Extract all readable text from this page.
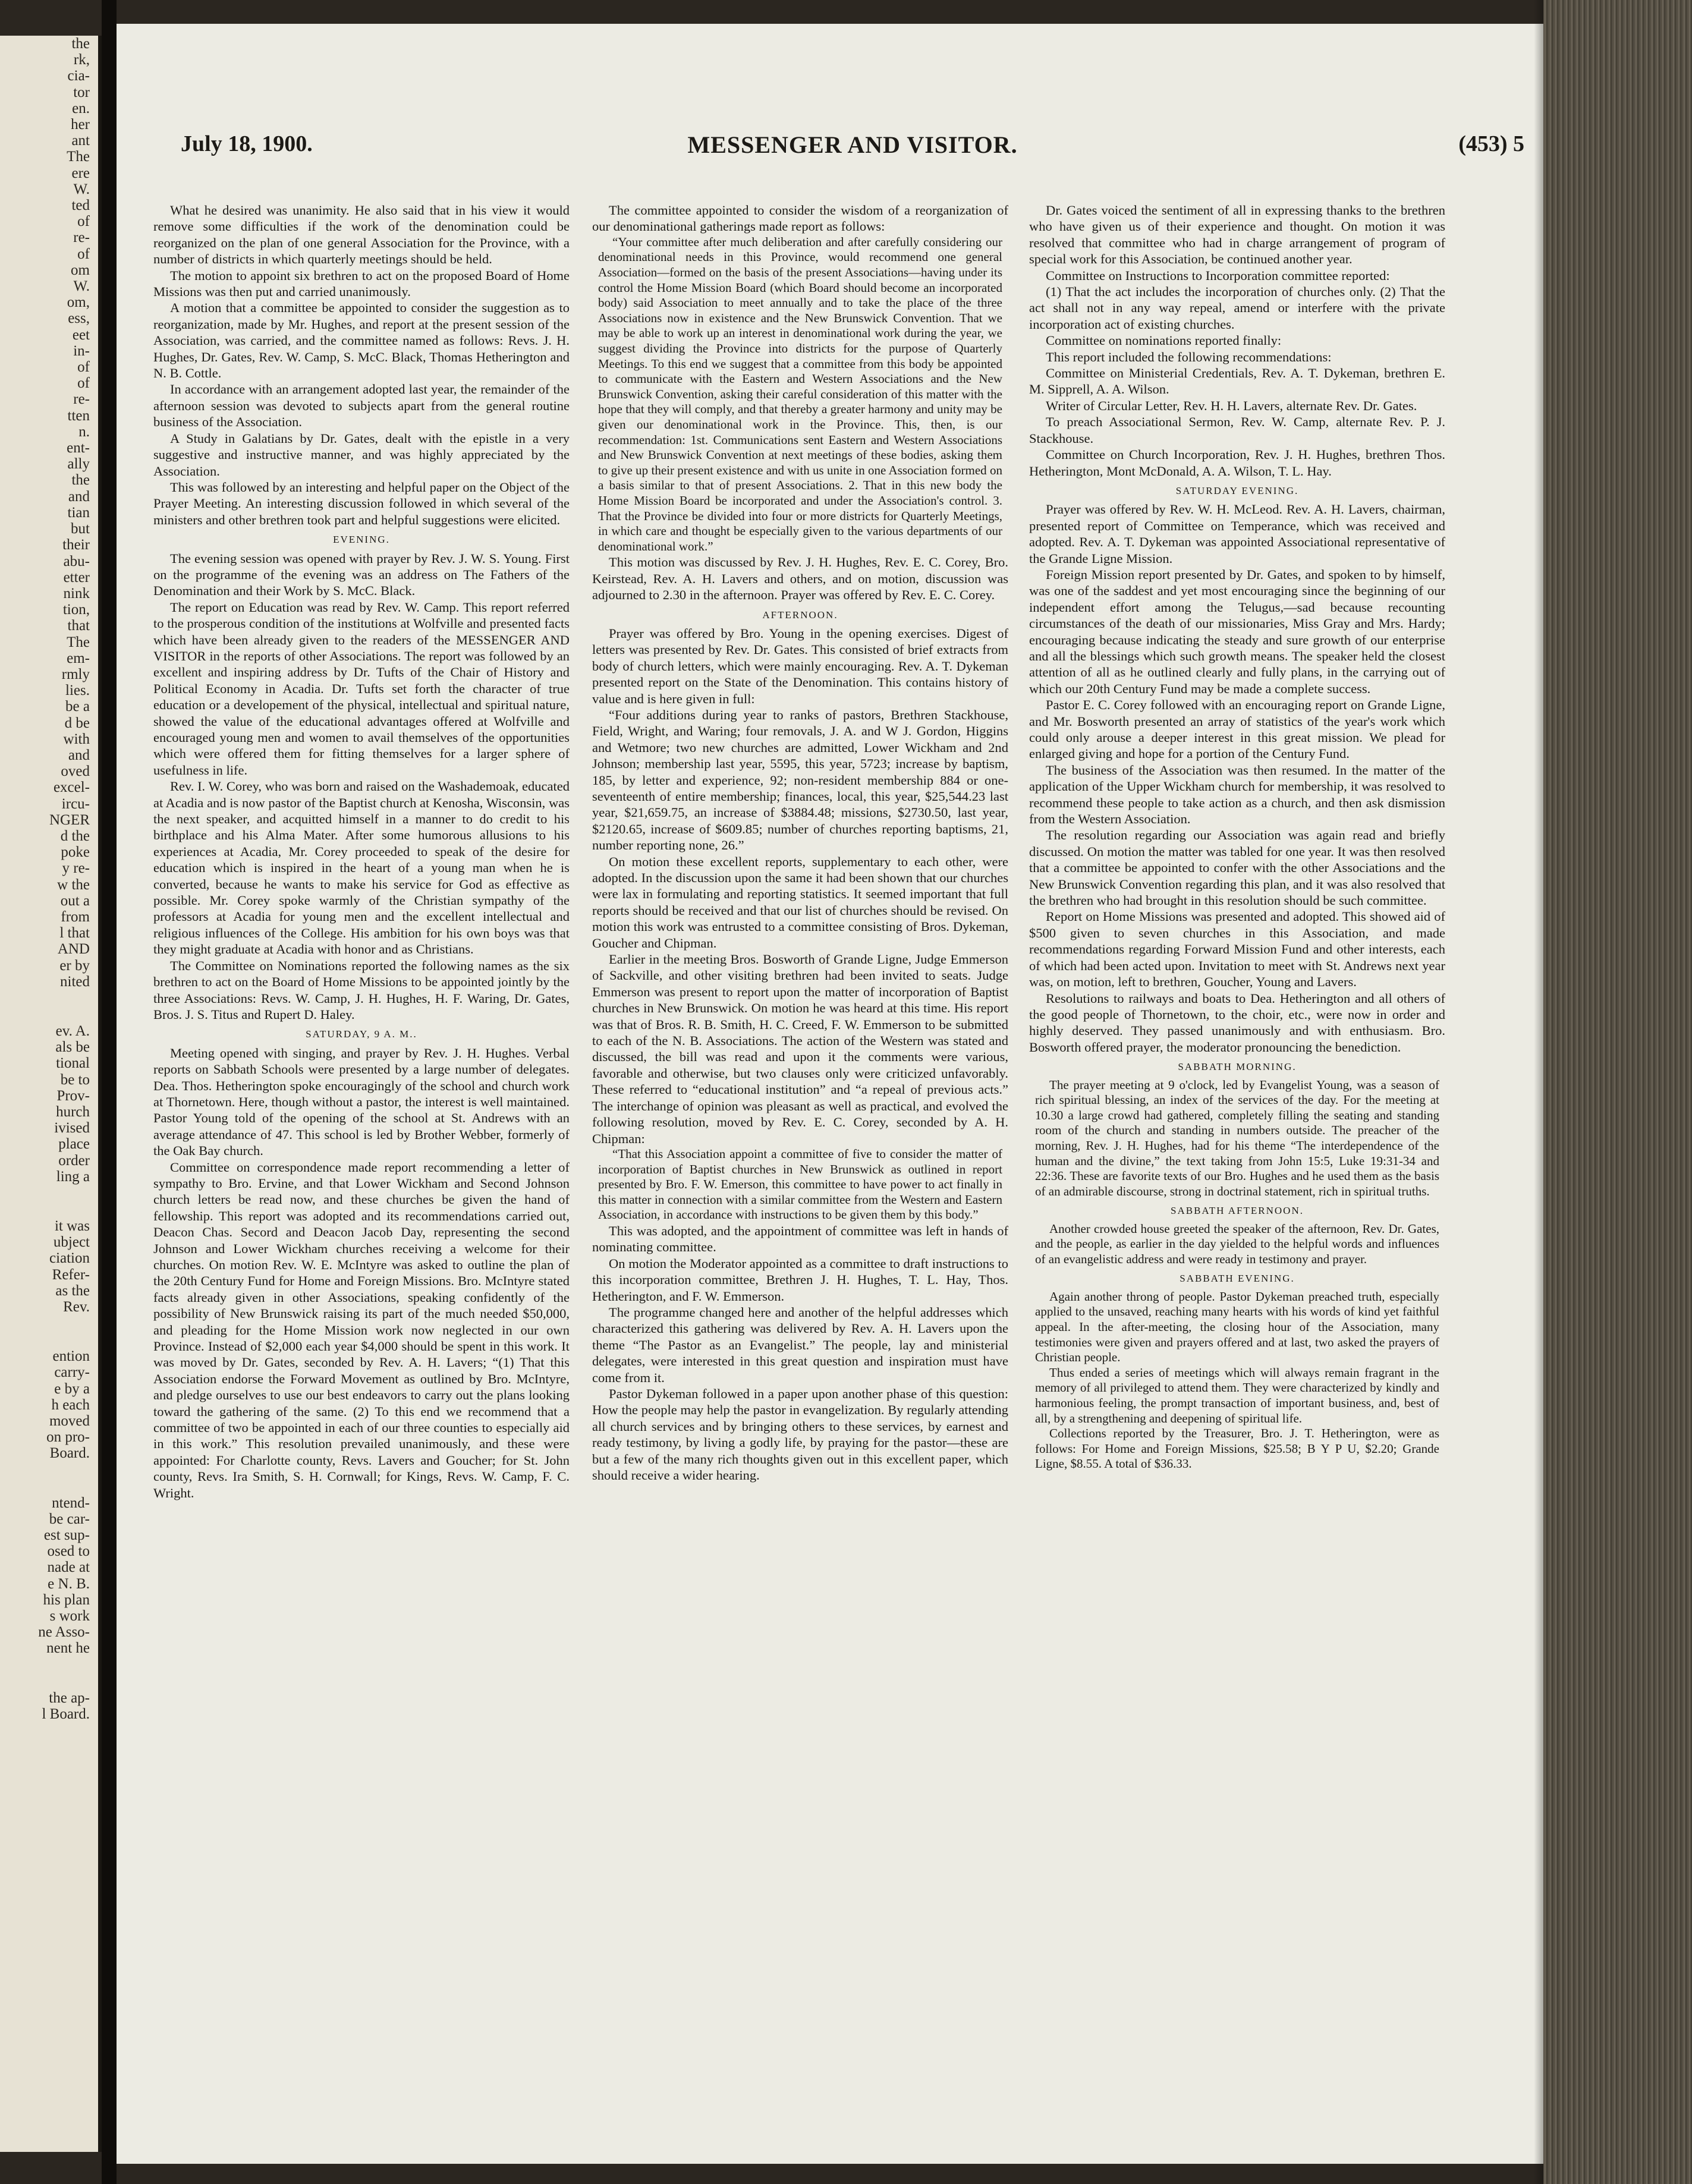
the
rk,
cia-
tor
en.
her
ant
The
ere
W.
ted
of
re-
of
om
W.
om,
ess,
eet
in-
of
of
re-
tten
n.
ent-
ally
the
and
tian
but
their
abu-
etter
nink
tion,
that
The
em-
rmly
lies.
be a
d be
with
and
oved
excel-
ircu-
NGER
d the
poke
y re-
w the
out a
from
l that
AND
er by
nited
ev. A.
als be
tional
be to
Prov-
hurch
ivised
place
order
ling a
it was
ubject
ciation
Refer-
as the
Rev.
ention
carry-
e by a
h each
moved
on pro-
Board.
ntend-
be car-
est sup-
osed to
nade at
e N. B.
his plan
s work
ne Asso-
nent he
the ap-
l Board.
July 18, 1900.	MESSENGER AND VISITOR.	(453) 5

What he desired was unanimity. He also said that in his view it would remove some difficulties if the work of the denomination could be reorganized on the plan of one general Association for the Province, with a number of districts in which quarterly meetings should be held.

The motion to appoint six brethren to act on the proposed Board of Home Missions was then put and carried unanimously.

A motion that a committee be appointed to consider the suggestion as to reorganization, made by Mr. Hughes, and report at the present session of the Association, was carried, and the committee named as follows: Revs. J. H. Hughes, Dr. Gates, Rev. W. Camp, S. McC. Black, Thomas Hetherington and N. B. Cottle.

In accordance with an arrangement adopted last year, the remainder of the afternoon session was devoted to subjects apart from the general routine business of the Association.

A Study in Galatians by Dr. Gates, dealt with the epistle in a very suggestive and instructive manner, and was highly appreciated by the Association.

This was followed by an interesting and helpful paper on the Object of the Prayer Meeting. An interesting discussion followed in which several of the ministers and other brethren took part and helpful suggestions were elicited.

EVENING.

The evening session was opened with prayer by Rev. J. W. S. Young. First on the programme of the evening was an address on The Fathers of the Denomination and their Work by S. McC. Black.

The report on Education was read by Rev. W. Camp. This report referred to the prosperous condition of the institutions at Wolfville and presented facts which have been already given to the readers of the MESSENGER AND VISITOR in the reports of other Associations. The report was followed by an excellent and inspiring address by Dr. Tufts of the Chair of History and Political Economy in Acadia. Dr. Tufts set forth the character of true education or a developement of the physical, intellectual and spiritual nature, showed the value of the educational advantages offered at Wolfville and encouraged young men and women to avail themselves of the opportunities which were offered them for fitting themselves for a larger sphere of usefulness in life.

Rev. I. W. Corey, who was born and raised on the Washademoak, educated at Acadia and is now pastor of the Baptist church at Kenosha, Wisconsin, was the next speaker, and acquitted himself in a manner to do credit to his birthplace and his Alma Mater. After some humorous allusions to his experiences at Acadia, Mr. Corey proceeded to speak of the desire for education which is inspired in the heart of a young man when he is converted, because he wants to make his service for God as effective as possible. Mr. Corey spoke warmly of the Christian sympathy of the professors at Acadia for young men and the excellent intellectual and religious influences of the College. His ambition for his own boys was that they might graduate at Acadia with honor and as Christians.

The Committee on Nominations reported the following names as the six brethren to act on the Board of Home Missions to be appointed jointly by the three Associations: Revs. W. Camp, J. H. Hughes, H. F. Waring, Dr. Gates, Bros. J. S. Titus and Rupert D. Haley.

SATURDAY, 9 A. M..

Meeting opened with singing, and prayer by Rev. J. H. Hughes. Verbal reports on Sabbath Schools were presented by a large number of delegates. Dea. Thos. Hetherington spoke encouragingly of the school and church work at Thornetown. Here, though without a pastor, the interest is well maintained. Pastor Young told of the opening of the school at St. Andrews with an average attendance of 47. This school is led by Brother Webber, formerly of the Oak Bay church.

Committee on correspondence made report recommending a letter of sympathy to Bro. Ervine, and that Lower Wickham and Second Johnson church letters be read now, and these churches be given the hand of fellowship. This report was adopted and its recommendations carried out, Deacon Chas. Secord and Deacon Jacob Day, representing the second Johnson and Lower Wickham churches receiving a welcome for their churches. On motion Rev. W. E. McIntyre was asked to outline the plan of the 20th Century Fund for Home and Foreign Missions. Bro. McIntyre stated facts already given in other Associations, speaking confidently of the possibility of New Brunswick raising its part of the much needed $50,000, and pleading for the Home Mission work now neglected in our own Province. Instead of $2,000 each year $4,000 should be spent in this work. It was moved by Dr. Gates, seconded by Rev. A. H. Lavers; “(1) That this Association endorse the Forward Movement as outlined by Bro. McIntyre, and pledge ourselves to use our best endeavors to carry out the plans looking toward the gathering of the same. (2) To this end we recommend that a committee of two be appointed in each of our three counties to especially aid in this work.” This resolution prevailed unanimously, and these were appointed: For Charlotte county, Revs. Lavers and Goucher; for St. John county, Revs. Ira Smith, S. H. Cornwall; for Kings, Revs. W. Camp, F. C. Wright.

The committee appointed to consider the wisdom of a reorganization of our denominational gatherings made report as follows:

“Your committee after much deliberation and after carefully considering our denominational needs in this Province, would recommend one general Association—formed on the basis of the present Associations—having under its control the Home Mission Board (which Board should become an incorporated body) said Association to meet annually and to take the place of the three Associations now in existence and the New Brunswick Convention. That we may be able to work up an interest in denominational work during the year, we suggest dividing the Province into districts for the purpose of Quarterly Meetings. To this end we suggest that a committee from this body be appointed to communicate with the Eastern and Western Associations and the New Brunswick Convention, asking their careful consideration of this matter with the hope that they will comply, and that thereby a greater harmony and unity may be given our denominational work in the Province. This, then, is our recommendation: 1st. Communications sent Eastern and Western Associations and New Brunswick Convention at next meetings of these bodies, asking them to give up their present existence and with us unite in one Association formed on a basis similar to that of present Associations. 2. That in this new body the Home Mission Board be incorporated and under the Association's control. 3. That the Province be divided into four or more districts for Quarterly Meetings, in which care and thought be especially given to the various departments of our denominational work.”

This motion was discussed by Rev. J. H. Hughes, Rev. E. C. Corey, Bro. Keirstead, Rev. A. H. Lavers and others, and on motion, discussion was adjourned to 2.30 in the afternoon. Prayer was offered by Rev. E. C. Corey.

AFTERNOON.

Prayer was offered by Bro. Young in the opening exercises. Digest of letters was presented by Rev. Dr. Gates. This consisted of brief extracts from body of church letters, which were mainly encouraging. Rev. A. T. Dykeman presented report on the State of the Denomination. This contains history of value and is here given in full:

“Four additions during year to ranks of pastors, Brethren Stackhouse, Field, Wright, and Waring; four removals, J. A. and W J. Gordon, Higgins and Wetmore; two new churches are admitted, Lower Wickham and 2nd Johnson; membership last year, 5595, this year, 5723; increase by baptism, 185, by letter and experience, 92; non-resident membership 884 or one-seventeenth of entire membership; finances, local, this year, $25,544.23 last year, $21,659.75, an increase of $3884.48; missions, $2730.50, last year, $2120.65, increase of $609.85; number of churches reporting baptisms, 21, number reporting none, 26.”

On motion these excellent reports, supplementary to each other, were adopted. In the discussion upon the same it had been shown that our churches were lax in formulating and reporting statistics. It seemed important that full reports should be received and that our list of churches should be revised. On motion this work was entrusted to a committee consisting of Bros. Dykeman, Goucher and Chipman.

Earlier in the meeting Bros. Bosworth of Grande Ligne, Judge Emmerson of Sackville, and other visiting brethren had been invited to seats. Judge Emmerson was present to report upon the matter of incorporation of Baptist churches in New Brunswick. On motion he was heard at this time. His report was that of Bros. R. B. Smith, H. C. Creed, F. W. Emmerson to be submitted to each of the N. B. Associations. The action of the Western was stated and discussed, the bill was read and upon it the comments were various, favorable and otherwise, but two clauses only were criticized unfavorably. These referred to “educational institution” and “a repeal of previous acts.” The interchange of opinion was pleasant as well as practical, and evolved the following resolution, moved by Rev. E. C. Corey, seconded by A. H. Chipman:

“That this Association appoint a committee of five to consider the matter of incorporation of Baptist churches in New Brunswick as outlined in report presented by Bro. F. W. Emerson, this committee to have power to act finally in this matter in connection with a similar committee from the Western and Eastern Association, in accordance with instructions to be given them by this body.”

This was adopted, and the appointment of committee was left in hands of nominating committee.

On motion the Moderator appointed as a committee to draft instructions to this incorporation committee, Brethren J. H. Hughes, T. L. Hay, Thos. Hetherington, and F. W. Emmerson.

The programme changed here and another of the helpful addresses which characterized this gathering was delivered by Rev. A. H. Lavers upon the theme “The Pastor as an Evangelist.” The people, lay and ministerial delegates, were interested in this great question and inspiration must have come from it.

Pastor Dykeman followed in a paper upon another phase of this question: How the people may help the pastor in evangelization. By regularly attending all church services and by bringing others to these services, by earnest and ready testimony, by living a godly life, by praying for the pastor—these are but a few of the many rich thoughts given out in this excellent paper, which should receive a wider hearing.

Dr. Gates voiced the sentiment of all in expressing thanks to the brethren who have given us of their experience and thought. On motion it was resolved that committee who had in charge arrangement of program of special work for this Association, be continued another year.

Committee on Instructions to Incorporation committee reported:

(1) That the act includes the incorporation of churches only. (2) That the act shall not in any way repeal, amend or interfere with the private incorporation act of existing churches.

Committee on nominations reported finally:

This report included the following recommendations:

Committee on Ministerial Credentials, Rev. A. T. Dykeman, brethren E. M. Sipprell, A. A. Wilson.

Writer of Circular Letter, Rev. H. H. Lavers, alternate Rev. Dr. Gates.

To preach Associational Sermon, Rev. W. Camp, alternate Rev. P. J. Stackhouse.

Committee on Church Incorporation, Rev. J. H. Hughes, brethren Thos. Hetherington, Mont McDonald, A. A. Wilson, T. L. Hay.

SATURDAY EVENING.

Prayer was offered by Rev. W. H. McLeod. Rev. A. H. Lavers, chairman, presented report of Committee on Temperance, which was received and adopted. Rev. A. T. Dykeman was appointed Associational representative of the Grande Ligne Mission.

Foreign Mission report presented by Dr. Gates, and spoken to by himself, was one of the saddest and yet most encouraging since the beginning of our independent effort among the Telugus,—sad because recounting circumstances of the death of our missionaries, Miss Gray and Mrs. Hardy; encouraging because indicating the steady and sure growth of our enterprise and all the blessings which such growth means. The speaker held the closest attention of all as he outlined clearly and fully plans, in the carrying out of which our 20th Century Fund may be made a complete success.

Pastor E. C. Corey followed with an encouraging report on Grande Ligne, and Mr. Bosworth presented an array of statistics of the year's work which could only arouse a deeper interest in this great mission. We plead for enlarged giving and hope for a portion of the Century Fund.

The business of the Association was then resumed. In the matter of the application of the Upper Wickham church for membership, it was resolved to recommend these people to take action as a church, and then ask dismission from the Western Association.

The resolution regarding our Association was again read and briefly discussed. On motion the matter was tabled for one year. It was then resolved that a committee be appointed to confer with the other Associations and the New Brunswick Convention regarding this plan, and it was also resolved that the brethren who had brought in this resolution should be such committee.

Report on Home Missions was presented and adopted. This showed aid of $500 given to seven churches in this Association, and made recommendations regarding Forward Mission Fund and other interests, each of which had been acted upon. Invitation to meet with St. Andrews next year was, on motion, left to brethren, Goucher, Young and Lavers.

Resolutions to railways and boats to Dea. Hetherington and all others of the good people of Thornetown, to the choir, etc., were now in order and highly deserved. They passed unanimously and with enthusiasm. Bro. Bosworth offered prayer, the moderator pronouncing the benediction.

SABBATH MORNING.

The prayer meeting at 9 o'clock, led by Evangelist Young, was a season of rich spiritual blessing, an index of the services of the day. For the meeting at 10.30 a large crowd had gathered, completely filling the seating and standing room of the church and standing in numbers outside. The preacher of the morning, Rev. J. H. Hughes, had for his theme “The interdependence of the human and the divine,” the text taking from John 15:5, Luke 19:31-34 and 22:36. These are favorite texts of our Bro. Hughes and he used them as the basis of an admirable discourse, strong in doctrinal statement, rich in spiritual truths.

SABBATH AFTERNOON.

Another crowded house greeted the speaker of the afternoon, Rev. Dr. Gates, and the people, as earlier in the day yielded to the helpful words and influences of an evangelistic address and were ready in testimony and prayer.

SABBATH EVENING.

Again another throng of people. Pastor Dykeman preached truth, especially applied to the unsaved, reaching many hearts with his words of kind yet faithful appeal. In the after-meeting, the closing hour of the Association, many testimonies were given and prayers offered and at last, two asked the prayers of Christian people.

Thus ended a series of meetings which will always remain fragrant in the memory of all privileged to attend them. They were characterized by kindly and harmonious feeling, the prompt transaction of important business, and, best of all, by a strengthening and deepening of spiritual life.

Collections reported by the Treasurer, Bro. J. T. Hetherington, were as follows: For Home and Foreign Missions, $25.58; B Y P U, $2.20; Grande Ligne, $8.55. A total of $36.33.
